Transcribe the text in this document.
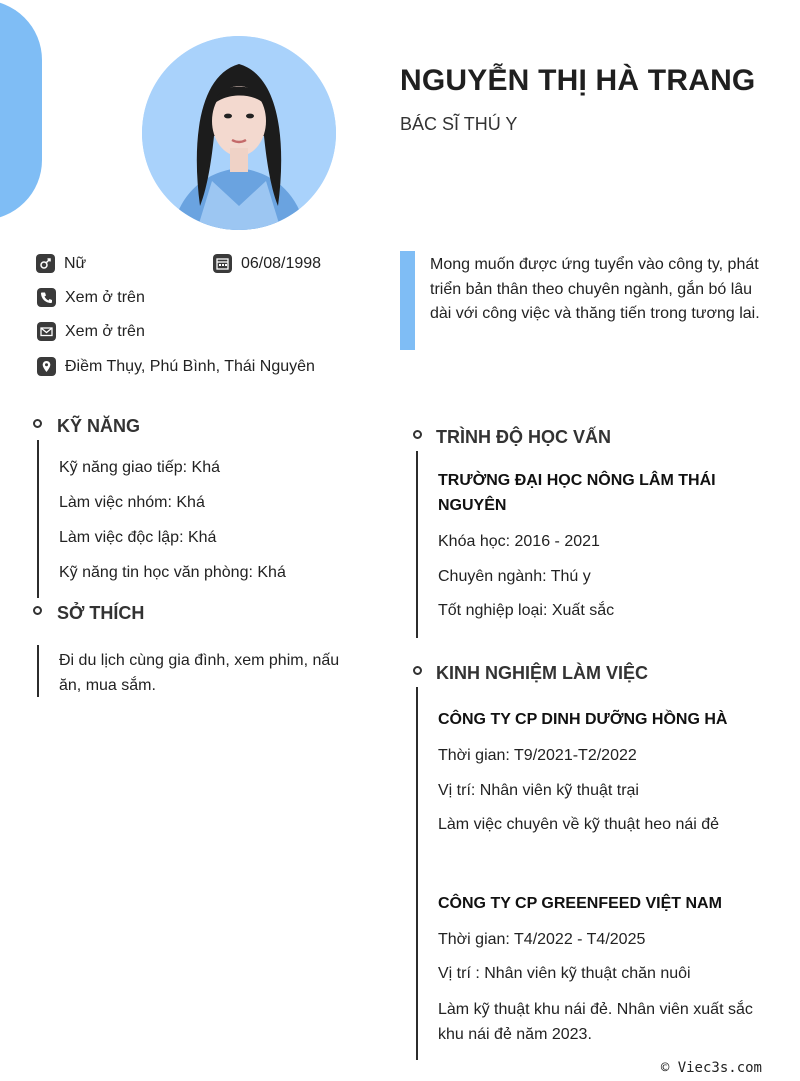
NGUYỄN THỊ HÀ TRANG
BÁC SĨ THÚ Y
Nữ	06/08/1998
Xem ở trên
Xem ở trên
Điềm Thụy, Phú Bình, Thái Nguyên
Mong muốn được ứng tuyển vào công ty, phát triển bản thân theo chuyên ngành, gắn bó lâu dài với công việc và thăng tiến trong tương lai.
KỸ NĂNG
Kỹ năng giao tiếp: Khá
Làm việc nhóm: Khá
Làm việc độc lập: Khá
Kỹ năng tin học văn phòng: Khá
SỞ THÍCH
Đi du lịch cùng gia đình, xem phim, nấu ăn, mua sắm.
TRÌNH ĐỘ HỌC VẤN
TRƯỜNG ĐẠI HỌC NÔNG LÂM THÁI NGUYÊN
Khóa học: 2016 - 2021
Chuyên ngành: Thú y
Tốt nghiệp loại: Xuất sắc
KINH NGHIỆM LÀM VIỆC
CÔNG TY CP DINH DƯỠNG HỒNG HÀ
Thời gian: T9/2021-T2/2022
Vị trí: Nhân viên kỹ thuật trại
Làm việc chuyên về kỹ thuật heo nái đẻ
CÔNG TY CP GREENFEED VIỆT NAM
Thời gian: T4/2022 - T4/2025
Vị trí : Nhân viên kỹ thuật chăn nuôi
Làm kỹ thuật khu nái đẻ. Nhân viên xuất sắc khu nái đẻ năm 2023.
© Viec3s.com
